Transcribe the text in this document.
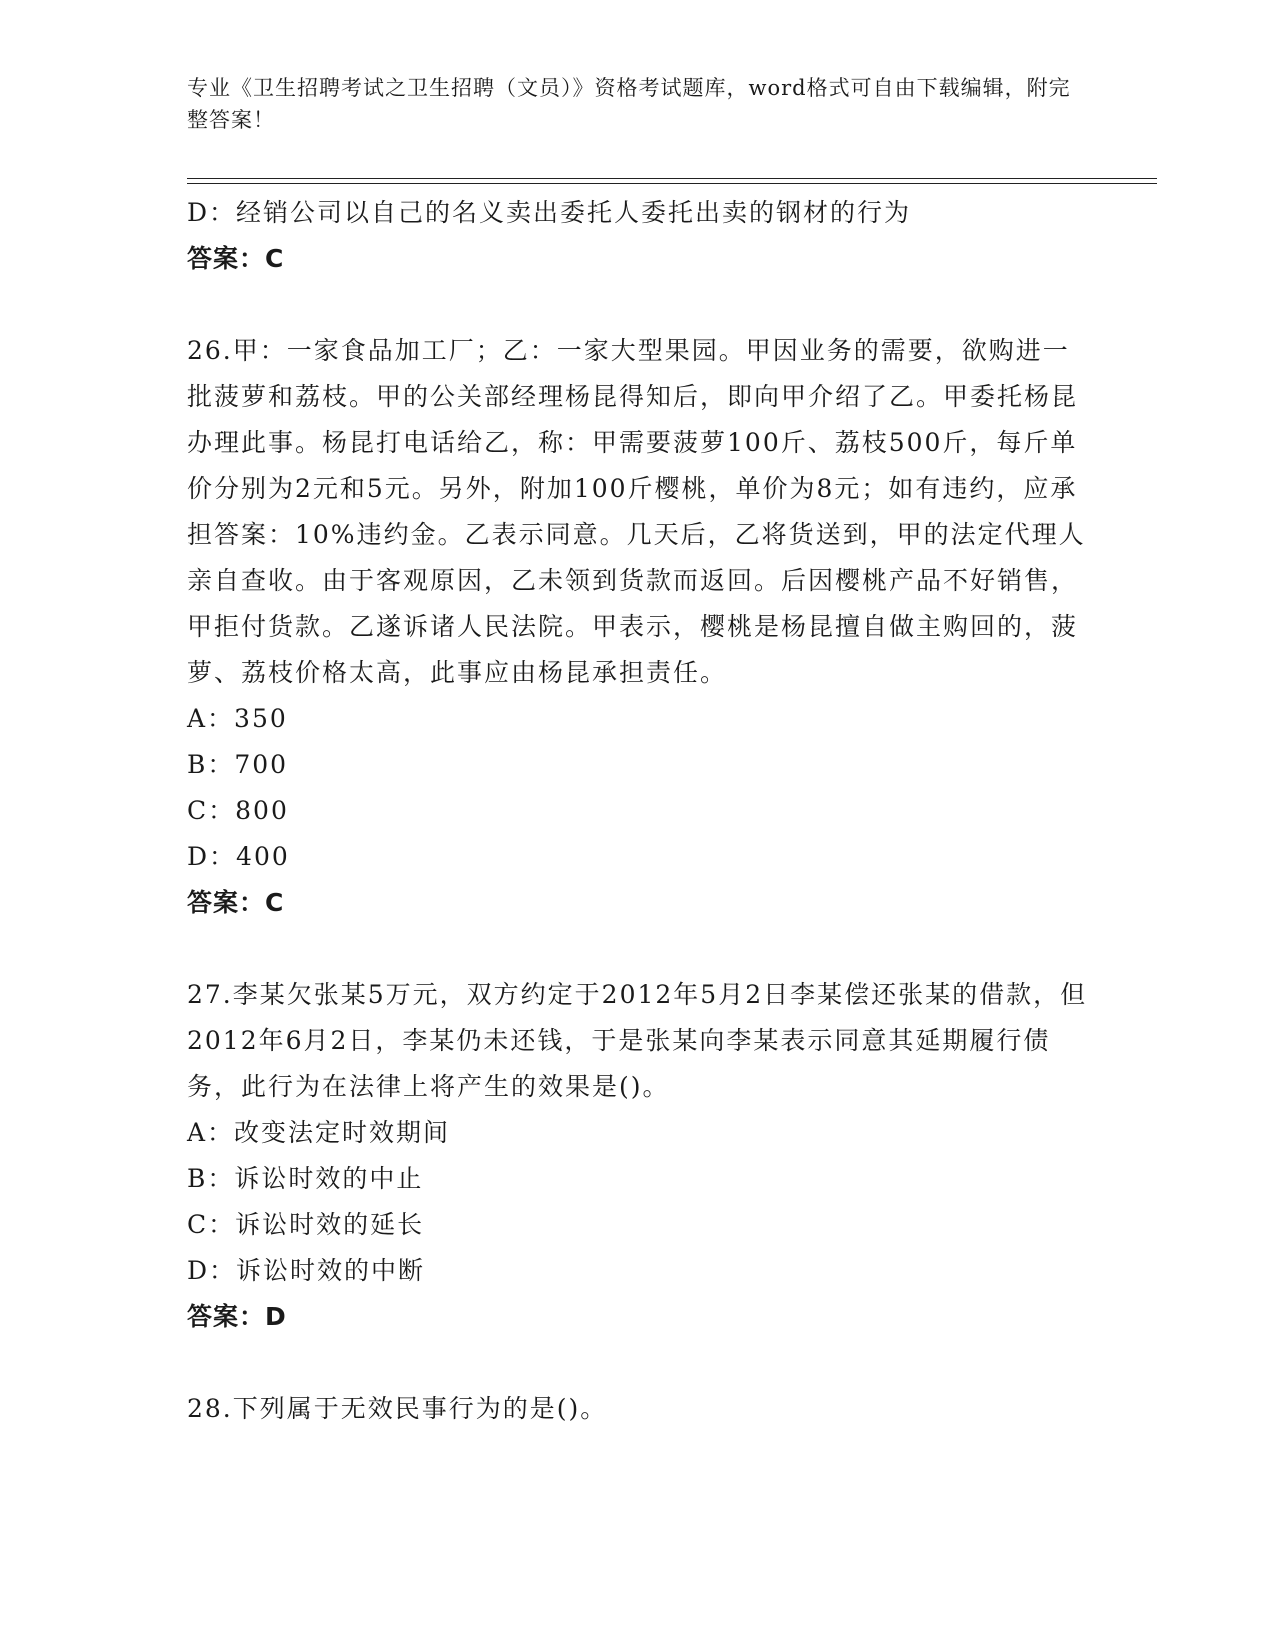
专业《卫生招聘考试之卫生招聘（文员）》资格考试题库，word格式可自由下载编辑，附完整答案！

D：经销公司以自己的名义卖出委托人委托出卖的钢材的行为

答案：C

26.甲：一家食品加工厂；乙：一家大型果园。甲因业务的需要，欲购进一批菠萝和荔枝。甲的公关部经理杨昆得知后，即向甲介绍了乙。甲委托杨昆办理此事。杨昆打电话给乙，称：甲需要菠萝100斤、荔枝500斤，每斤单价分别为2元和5元。另外，附加100斤樱桃，单价为8元；如有违约，应承担答案：10%违约金。乙表示同意。几天后，乙将货送到，甲的法定代理人亲自查收。由于客观原因，乙未领到货款而返回。后因樱桃产品不好销售，甲拒付货款。乙遂诉诸人民法院。甲表示，樱桃是杨昆擅自做主购回的，菠萝、荔枝价格太高，此事应由杨昆承担责任。

A：350

B：700

C：800

D：400

答案：C

27.李某欠张某5万元，双方约定于2012年5月2日李某偿还张某的借款，但2012年6月2日，李某仍未还钱，于是张某向李某表示同意其延期履行债务，此行为在法律上将产生的效果是()。

A：改变法定时效期间

B：诉讼时效的中止

C：诉讼时效的延长

D：诉讼时效的中断

答案：D

28.下列属于无效民事行为的是()。
